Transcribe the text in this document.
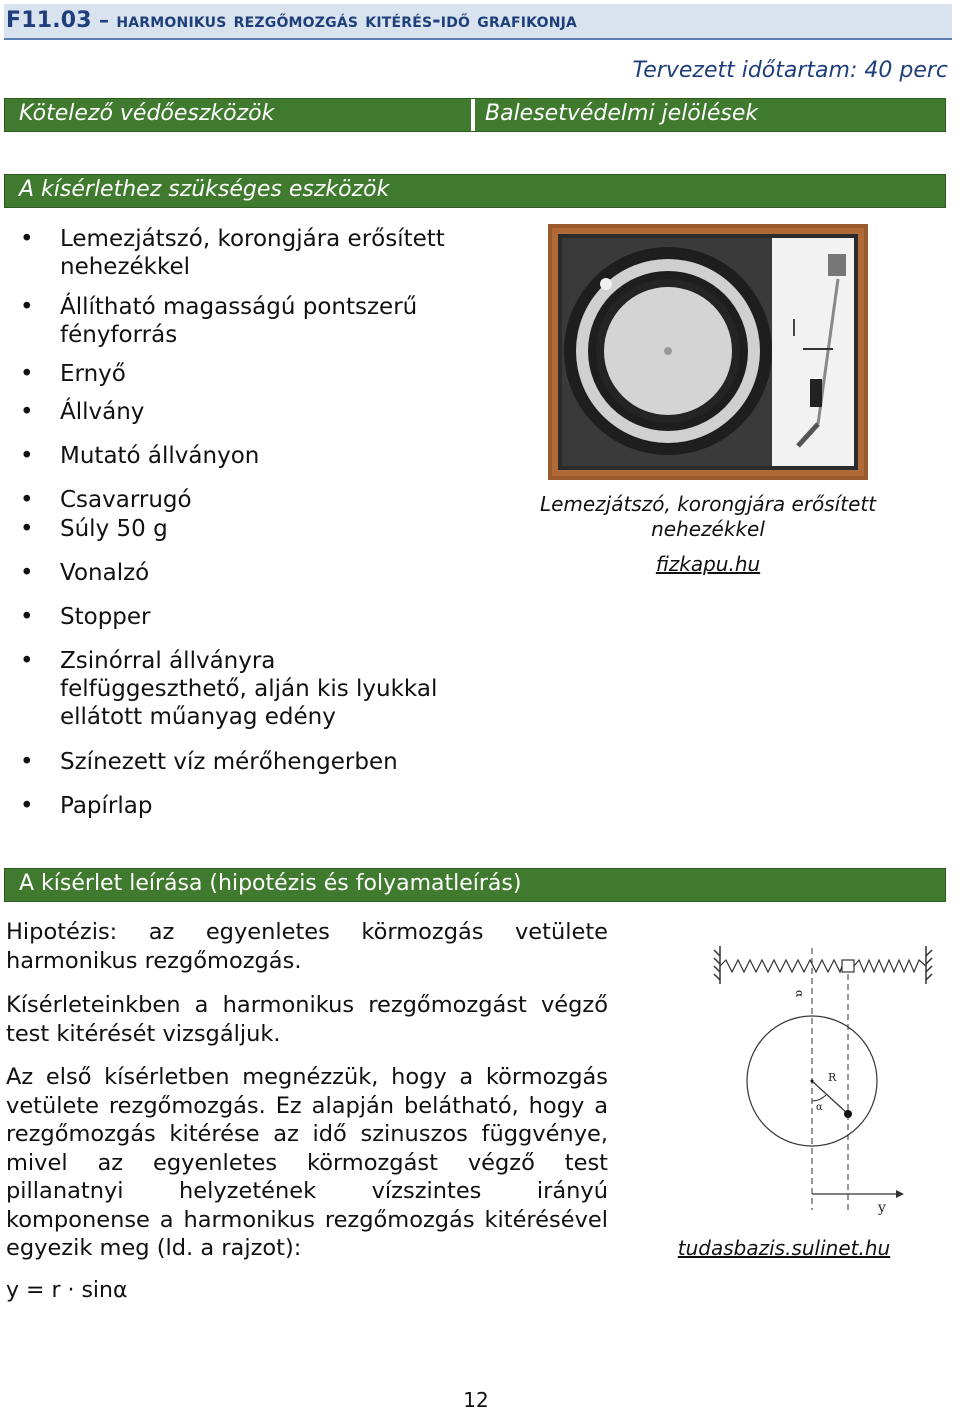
F11.03 – harmonikus rezgőmozgás kitérés-idő grafikonja
Tervezett időtartam: 40 perc
Kötelező védőeszközök	Balesetvédelmi jelölések
A kísérlethez szükséges eszközök
• Lemezjátszó, korongjára erősített nehezékkel
• Állítható magasságú pontszerű fényforrás
• Ernyő
• Állvány
• Mutató állványon
• Csavarrugó
• Súly 50 g
• Vonalzó
• Stopper
• Zsinórral állványra felfüggeszthető, alján kis lyukkal ellátott műanyag edény
• Színezett víz mérőhengerben
• Papírlap
Lemezjátszó, korongjára erősített nehezékkel
fizkapu.hu
A kísérlet leírása (hipotézis és folyamatleírás)
Hipotézis: az egyenletes körmozgás vetülete harmonikus rezgőmozgás.
Kísérleteinkben a harmonikus rezgőmozgást végző test kitérését vizsgáljuk.
Az első kísérletben megnézzük, hogy a körmozgás vetülete rezgőmozgás. Ez alapján belátható, hogy a rezgőmozgás kitérése az idő szinuszos függvénye, mivel az egyenletes körmozgást végző test pillanatnyi helyzetének vízszintes irányú komponense a harmonikus rezgőmozgás kitérésével egyezik meg (ld. a rajzot):
y = r · sinα
R
α
α
y
tudasbazis.sulinet.hu
12
